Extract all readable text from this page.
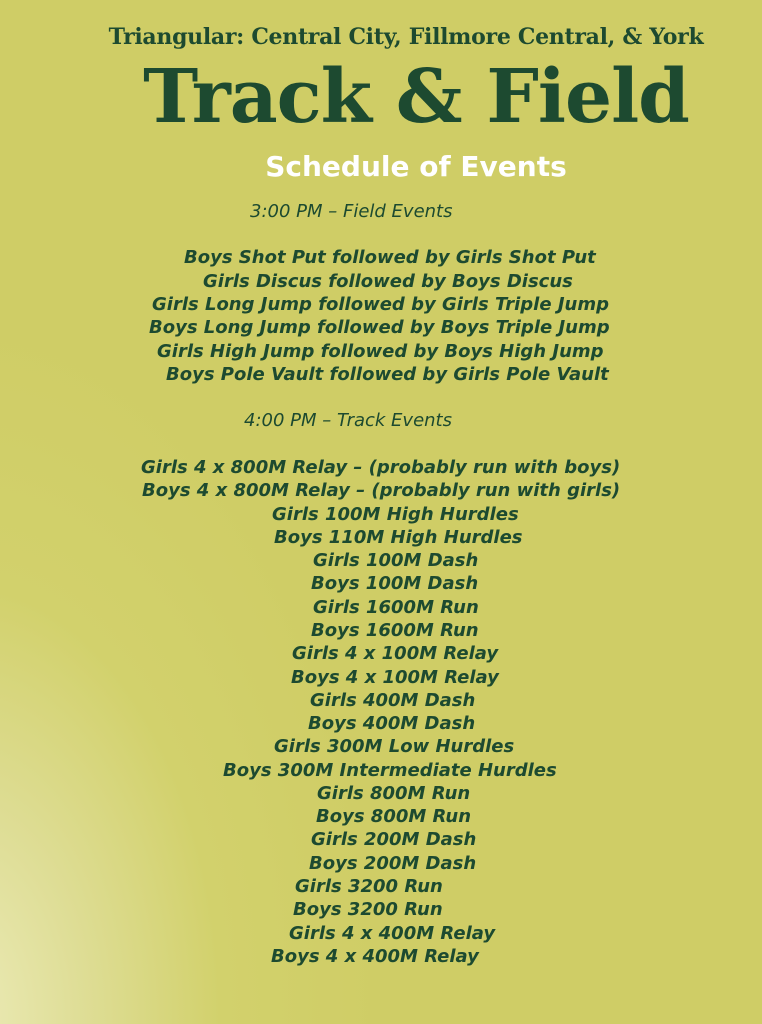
Triangular: Central City, Fillmore Central, & York
Track & Field
Schedule of Events
3:00 PM – Field Events
Boys Shot Put followed by Girls Shot Put
Girls Discus followed by Boys Discus
Girls Long Jump followed by Girls Triple Jump
Boys Long Jump followed by Boys Triple Jump
Girls High Jump followed by Boys High Jump
Boys Pole Vault followed by Girls Pole Vault
4:00 PM – Track Events
Girls 4 x 800M Relay – (probably run with boys)
Boys 4 x 800M Relay – (probably run with girls)
Girls 100M High Hurdles
Boys 110M High Hurdles
Girls 100M Dash
Boys 100M Dash
Girls 1600M Run
Boys 1600M Run
Girls 4 x 100M Relay
Boys 4 x 100M Relay
Girls 400M Dash
Boys 400M Dash
Girls 300M Low Hurdles
Boys 300M Intermediate Hurdles
Girls 800M Run
Boys 800M Run
Girls 200M Dash
Boys 200M Dash
Girls 3200 Run
Boys 3200 Run
Girls 4 x 400M Relay
Boys 4 x 400M Relay
